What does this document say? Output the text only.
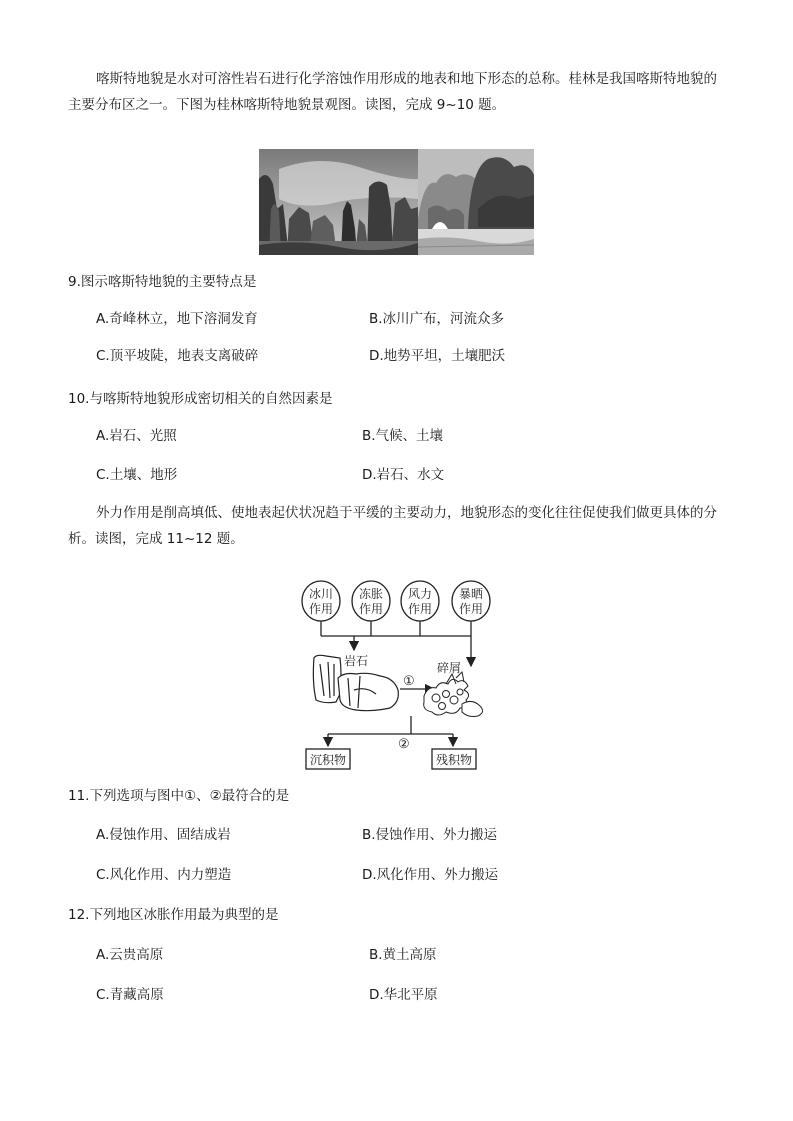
喀斯特地貌是水对可溶性岩石进行化学溶蚀作用形成的地表和地下形态的总称。桂林是我国喀斯特地貌的主要分布区之一。下图为桂林喀斯特地貌景观图。读图，完成 9~10 题。

9.图示喀斯特地貌的主要特点是

A.奇峰林立，地下溶洞发育	B.冰川广布，河流众多

C.顶平坡陡，地表支离破碎	D.地势平坦，土壤肥沃

10.与喀斯特地貌形成密切相关的自然因素是

A.岩石、光照	B.气候、土壤

C.土壤、地形	D.岩石、水文

外力作用是削高填低、使地表起伏状况趋于平缓的主要动力，地貌形态的变化往往促使我们做更具体的分析。读图，完成 11~12 题。

冰川
作用
冻胀
作用
风力
作用
暴晒
作用
岩石
①
碎屑
②
沉积物	残积物

11.下列选项与图中①、②最符合的是

A.侵蚀作用、固结成岩	B.侵蚀作用、外力搬运

C.风化作用、内力塑造	D.风化作用、外力搬运

12.下列地区冰胀作用最为典型的是

A.云贵高原	B.黄土高原

C.青藏高原	D.华北平原
